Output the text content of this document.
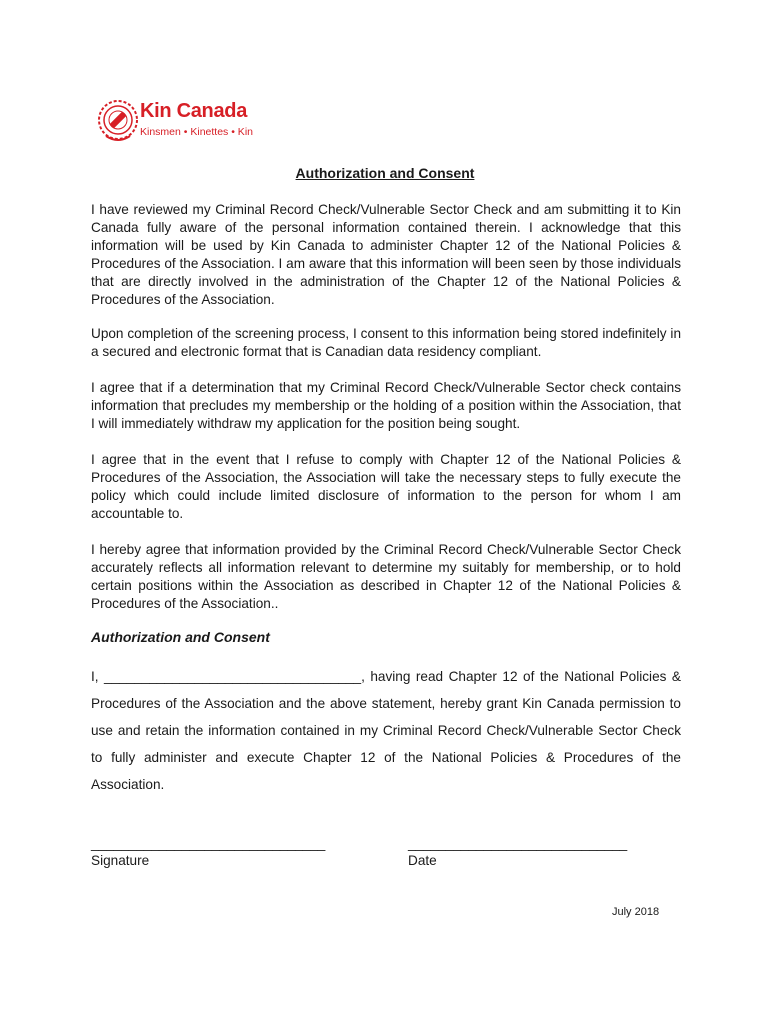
Kin Canada
Kinsmen • Kinettes • Kin
Authorization and Consent

I have reviewed my Criminal Record Check/Vulnerable Sector Check and am submitting it to Kin Canada fully aware of the personal information contained therein. I acknowledge that this information will be used by Kin Canada to administer Chapter 12 of the National Policies & Procedures of the Association. I am aware that this information will been seen by those individuals that are directly involved in the administration of the Chapter 12 of the National Policies & Procedures of the Association.

Upon completion of the screening process, I consent to this information being stored indefinitely in a secured and electronic format that is Canadian data residency compliant.

I agree that if a determination that my Criminal Record Check/Vulnerable Sector check contains information that precludes my membership or the holding of a position within the Association, that I will immediately withdraw my application for the position being sought.

I agree that in the event that I refuse to comply with Chapter 12 of the National Policies & Procedures of the Association, the Association will take the necessary steps to fully execute the policy which could include limited disclosure of information to the person for whom I am accountable to.

I hereby agree that information provided by the Criminal Record Check/Vulnerable Sector Check accurately reflects all information relevant to determine my suitably for membership, or to hold certain positions within the Association as described in Chapter 12 of the National Policies & Procedures of the Association..

Authorization and Consent

I, __________________________________, having read Chapter 12 of the National Policies & Procedures of the Association and the above statement, hereby grant Kin Canada permission to use and retain the information contained in my Criminal Record Check/Vulnerable Sector Check to fully administer and execute Chapter 12 of the National Policies & Procedures of the Association.

_______________________________	_____________________________
Signature	Date
July 2018
